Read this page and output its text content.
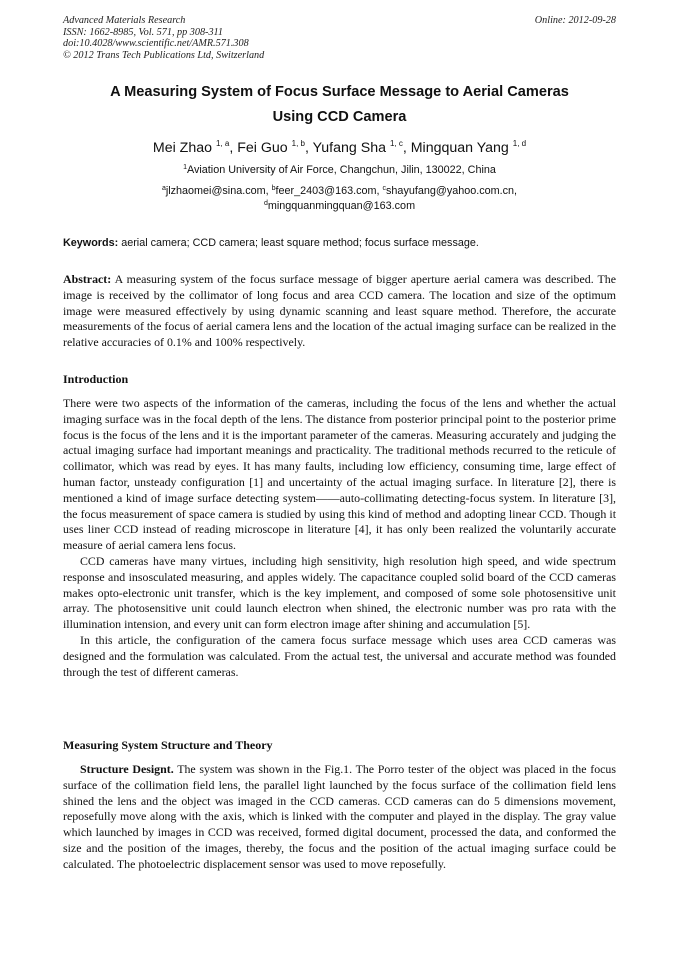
Advanced Materials Research
ISSN: 1662-8985, Vol. 571, pp 308-311
doi:10.4028/www.scientific.net/AMR.571.308
© 2012 Trans Tech Publications Ltd, Switzerland
Online: 2012-09-28
A Measuring System of Focus Surface Message to Aerial Cameras
Using CCD Camera
Mei Zhao $^{1, a}$, Fei Guo $^{1, b}$, Yufang Sha $^{1, c}$, Mingquan Yang $^{1, d}$
$^1$Aviation University of Air Force, Changchun, Jilin, 130022, China
$^a$jlzhaomei@sina.com, $^b$feer_2403@163.com, $^c$shayufang@yahoo.com.cn,
$^d$mingquanmingquan@163.com
Keywords: aerial camera; CCD camera; least square method; focus surface message.

Abstract: A measuring system of the focus surface message of bigger aperture aerial camera was described. The image is received by the collimator of long focus and area CCD camera. The location and size of the optimum image were measured effectively by using dynamic scanning and least square method. Therefore, the accurate measurements of the focus of aerial camera lens and the location of the actual imaging surface can be realized in the relative accuracies of 0.1% and 100% respectively.

Introduction

There were two aspects of the information of the cameras, including the focus of the lens and whether the actual imaging surface was in the focal depth of the lens. The distance from posterior principal point to the posterior prime focus is the focus of the lens and it is the important parameter of the cameras. Measuring accurately and judging the actual imaging surface had important meanings and practicality. The traditional methods recurred to the reticule of collimator, which was read by eyes. It has many faults, including low efficiency, consuming time, large effect of human factor, unsteady configuration [1] and uncertainty of the actual imaging surface. In literature [2], there is mentioned a kind of image surface detecting system——auto-collimating detecting-focus system. In literature [3], the focus measurement of space camera is studied by using this kind of method and adopting linear CCD. Though it uses liner CCD instead of reading microscope in literature [4], it has only been realized the voluntarily accurate measure of aerial camera lens focus.

CCD cameras have many virtues, including high sensitivity, high resolution high speed, and wide spectrum response and insosculated measuring, and apples widely. The capacitance coupled solid board of the CCD cameras makes opto-electronic unit transfer, which is the key implement, and composed of some sole photosensitive unit array. The photosensitive unit could launch electron when shined, the electronic number was pro rata with the illumination intension, and every unit can form electron image after shining and accumulation [5].

In this article, the configuration of the camera focus surface message which uses area CCD cameras was designed and the formulation was calculated. From the actual test, the universal and accurate method was founded through the test of different cameras.

Measuring System Structure and Theory

Structure Designt. The system was shown in the Fig.1. The Porro tester of the object was placed in the focus surface of the collimation field lens, the parallel light launched by the focus surface of the collimation field lens shined the lens and the object was imaged in the CCD cameras. CCD cameras can do 5 dimensions movement, reposefully move along with the axis, which is linked with the computer and played in the display. The gray value which launched by images in CCD was received, formed digital document, processed the data, and conformed the size and the position of the images, thereby, the focus and the position of the actual imaging surface could be calculated. The photoelectric displacement sensor was used to move reposefully.
